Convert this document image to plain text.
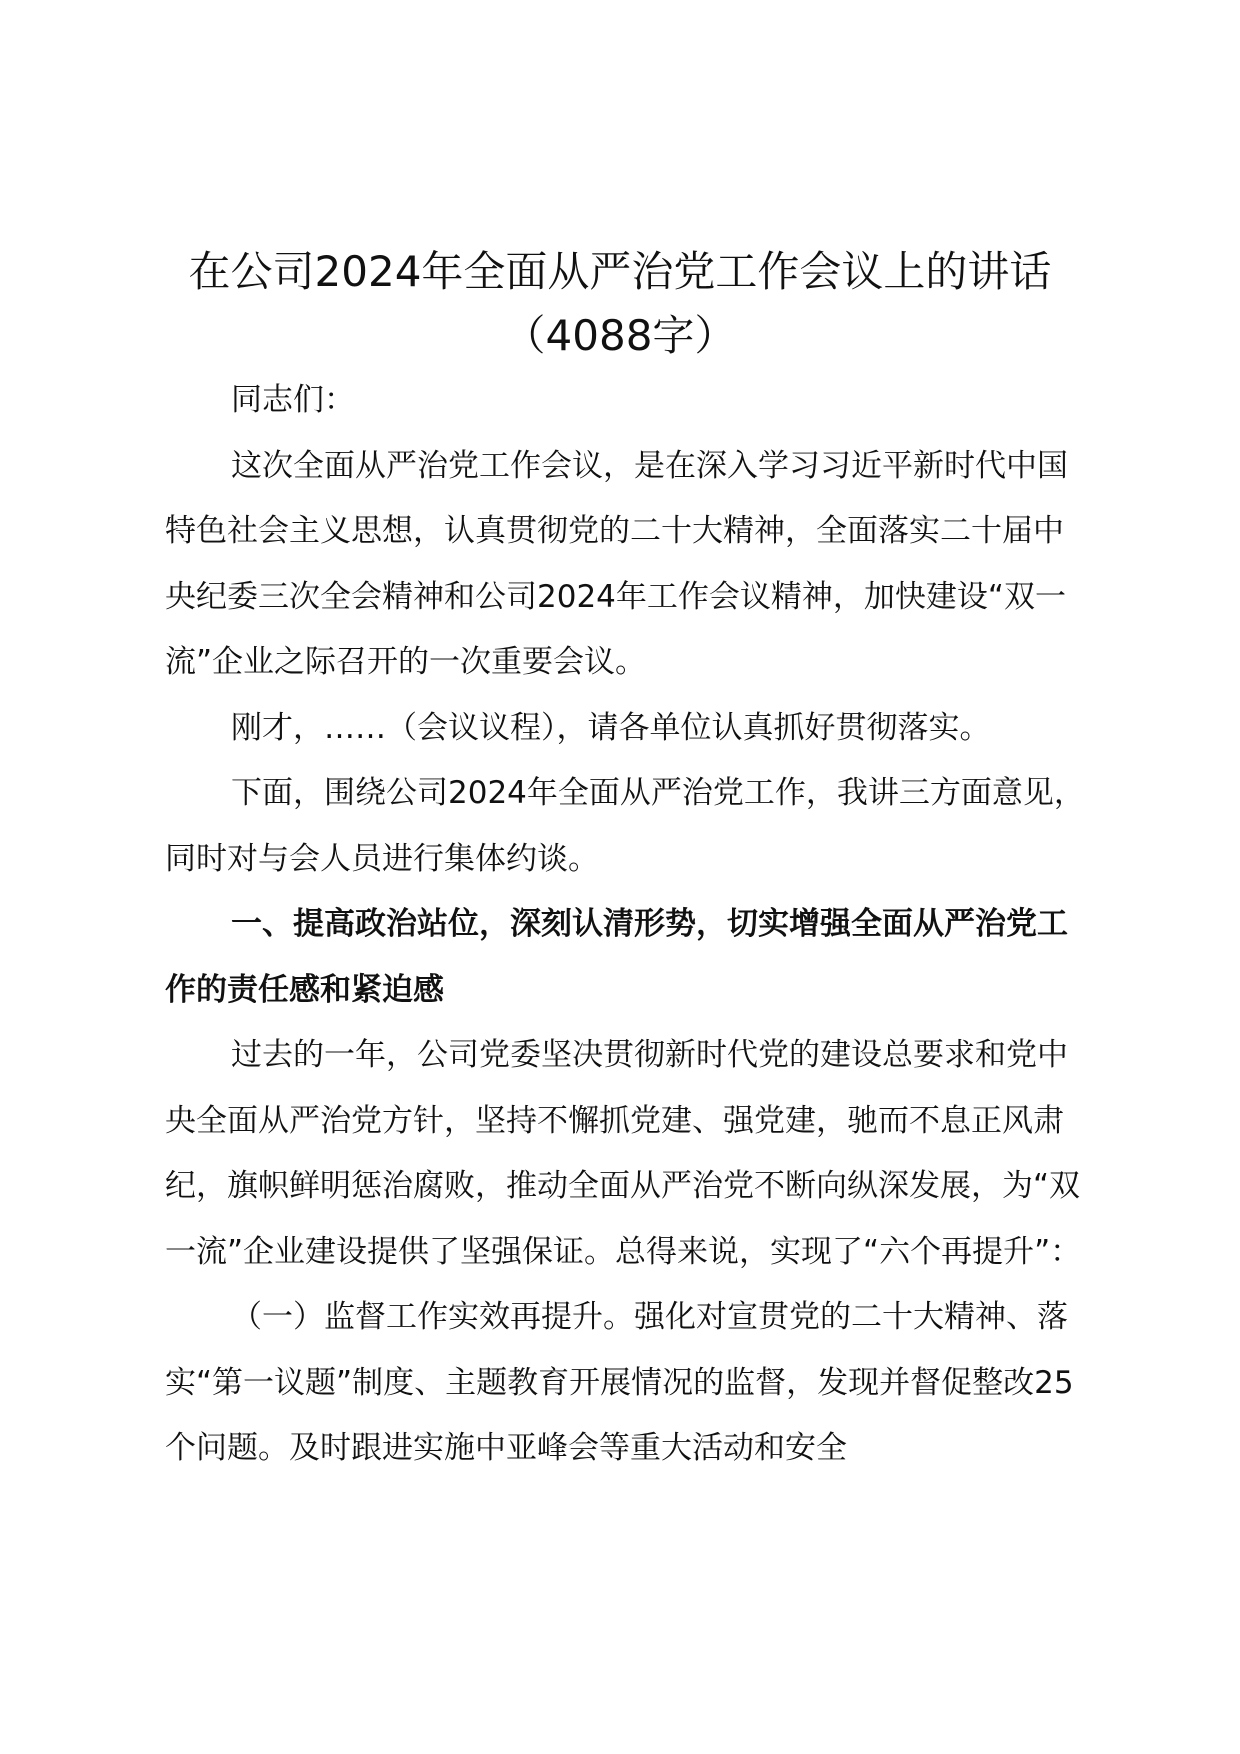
在公司2024年全面从严治党工作会议上的讲话（4088字）

同志们：

这次全面从严治党工作会议，是在深入学习习近平新时代中国特色社会主义思想，认真贯彻党的二十大精神，全面落实二十届中央纪委三次全会精神和公司2024年工作会议精神，加快建设“双一流”企业之际召开的一次重要会议。

刚才，……（会议议程），请各单位认真抓好贯彻落实。

下面，围绕公司2024年全面从严治党工作，我讲三方面意见，同时对与会人员进行集体约谈。

一、提高政治站位，深刻认清形势，切实增强全面从严治党工作的责任感和紧迫感

过去的一年，公司党委坚决贯彻新时代党的建设总要求和党中央全面从严治党方针，坚持不懈抓党建、强党建，驰而不息正风肃纪，旗帜鲜明惩治腐败，推动全面从严治党不断向纵深发展，为“双一流”企业建设提供了坚强保证。总得来说，实现了“六个再提升”：

（一）监督工作实效再提升。强化对宣贯党的二十大精神、落实“第一议题”制度、主题教育开展情况的监督，发现并督促整改25个问题。及时跟进实施中亚峰会等重大活动和安全
